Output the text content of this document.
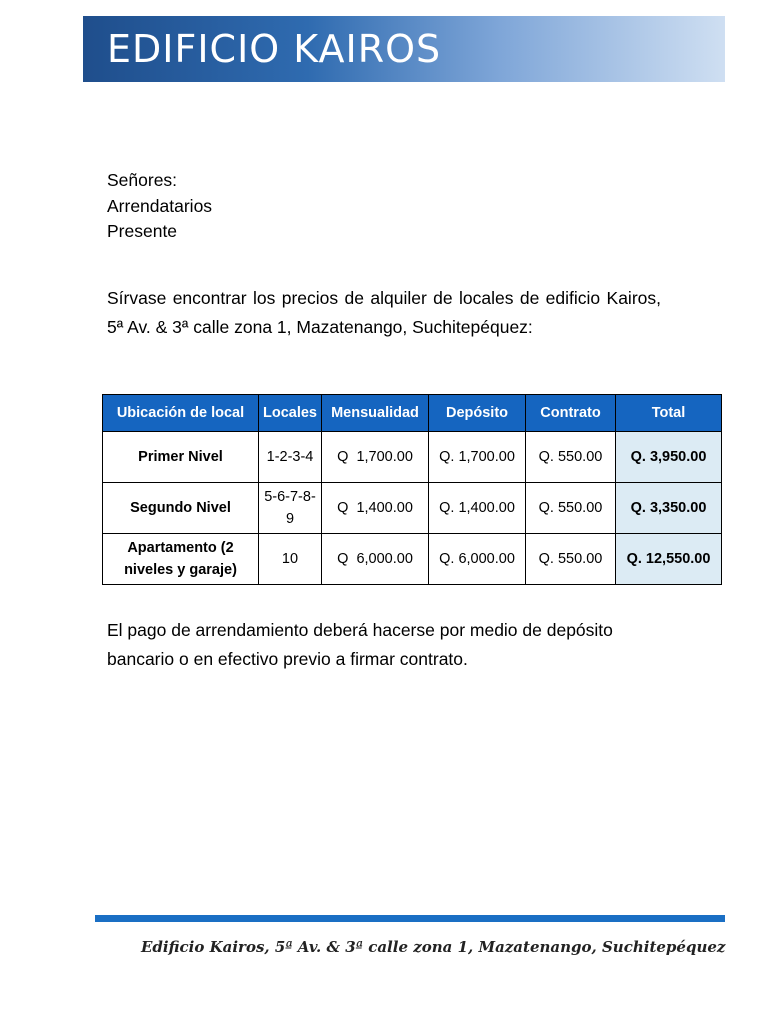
EDIFICIO KAIROS
Señores:
Arrendatarios
Presente
Sírvase encontrar los precios de alquiler de locales de edificio Kairos, 5ª Av. & 3ª calle zona 1, Mazatenango, Suchitepéquez:
Ubicación de local	Locales	Mensualidad	Depósito	Contrato	Total
Primer Nivel	1-2-3-4	Q  1,700.00	Q. 1,700.00	Q. 550.00	Q. 3,950.00
Segundo Nivel	5-6-7-8-9	Q  1,400.00	Q. 1,400.00	Q. 550.00	Q. 3,350.00
Apartamento (2 niveles y garaje)	10	Q  6,000.00	Q. 6,000.00	Q. 550.00	Q. 12,550.00
El pago de arrendamiento deberá hacerse por medio de depósito bancario o en efectivo previo a firmar contrato.
Edificio Kairos, 5ª Av. & 3ª calle zona 1, Mazatenango, Suchitepéquez
